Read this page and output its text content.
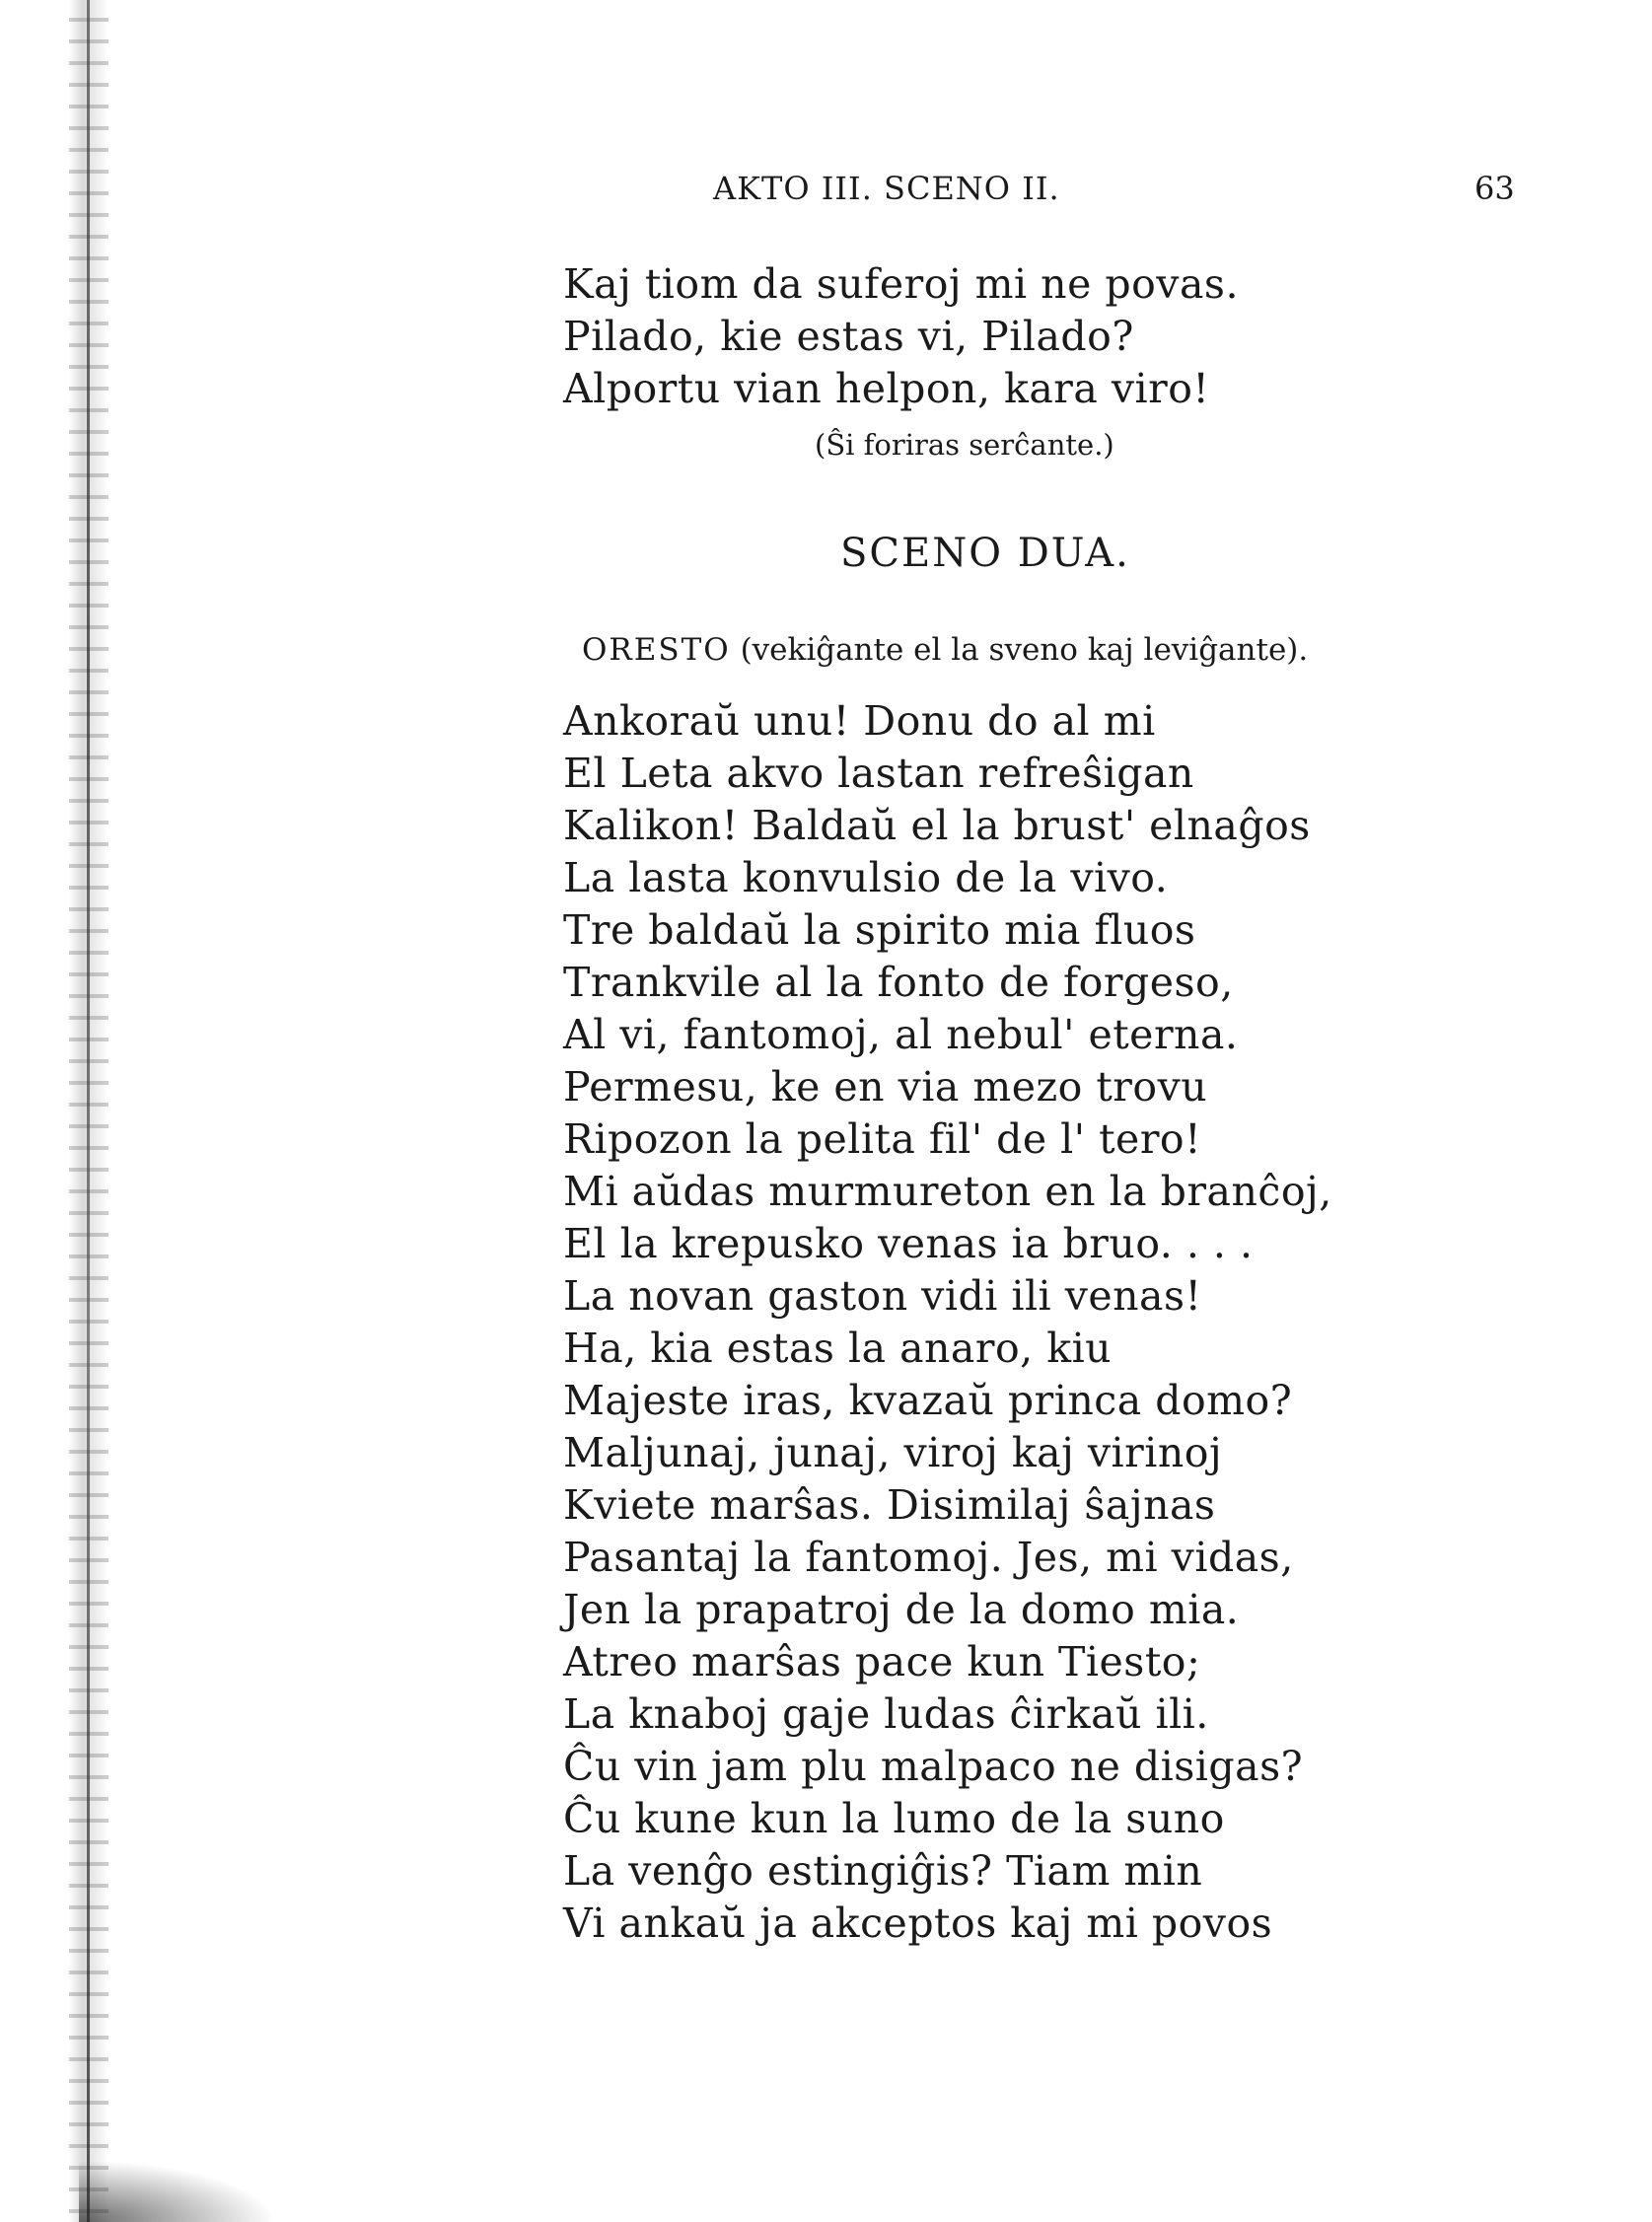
AKTO III. SCENO II.	63
Kaj tiom da suferoj mi ne povas.
Pilado, kie estas vi, Pilado?
Alportu vian helpon, kara viro!
(Ŝi foriras serĉante.)
SCENO DUA.
ORESTO (vekiĝante el la sveno kaj leviĝante).
Ankoraŭ unu! Donu do al mi
El Leta akvo lastan refreŝigan
Kalikon! Baldaŭ el la brust' elnaĝos
La lasta konvulsio de la vivo.
Tre baldaŭ la spirito mia fluos
Trankvile al la fonto de forgeso,
Al vi, fantomoj, al nebul' eterna.
Permesu, ke en via mezo trovu
Ripozon la pelita fil' de l' tero!
Mi aŭdas murmureton en la branĉoj,
El la krepusko venas ia bruo. . . .
La novan gaston vidi ili venas!
Ha, kia estas la anaro, kiu
Majeste iras, kvazaŭ princa domo?
Maljunaj, junaj, viroj kaj virinoj
Kviete marŝas. Disimilaj ŝajnas
Pasantaj la fantomoj. Jes, mi vidas,
Jen la prapatroj de la domo mia.
Atreo marŝas pace kun Tiesto;
La knaboj gaje ludas ĉirkaŭ ili.
Ĉu vin jam plu malpaco ne disigas?
Ĉu kune kun la lumo de la suno
La venĝo estingiĝis? Tiam min
Vi ankaŭ ja akceptos kaj mi povos
